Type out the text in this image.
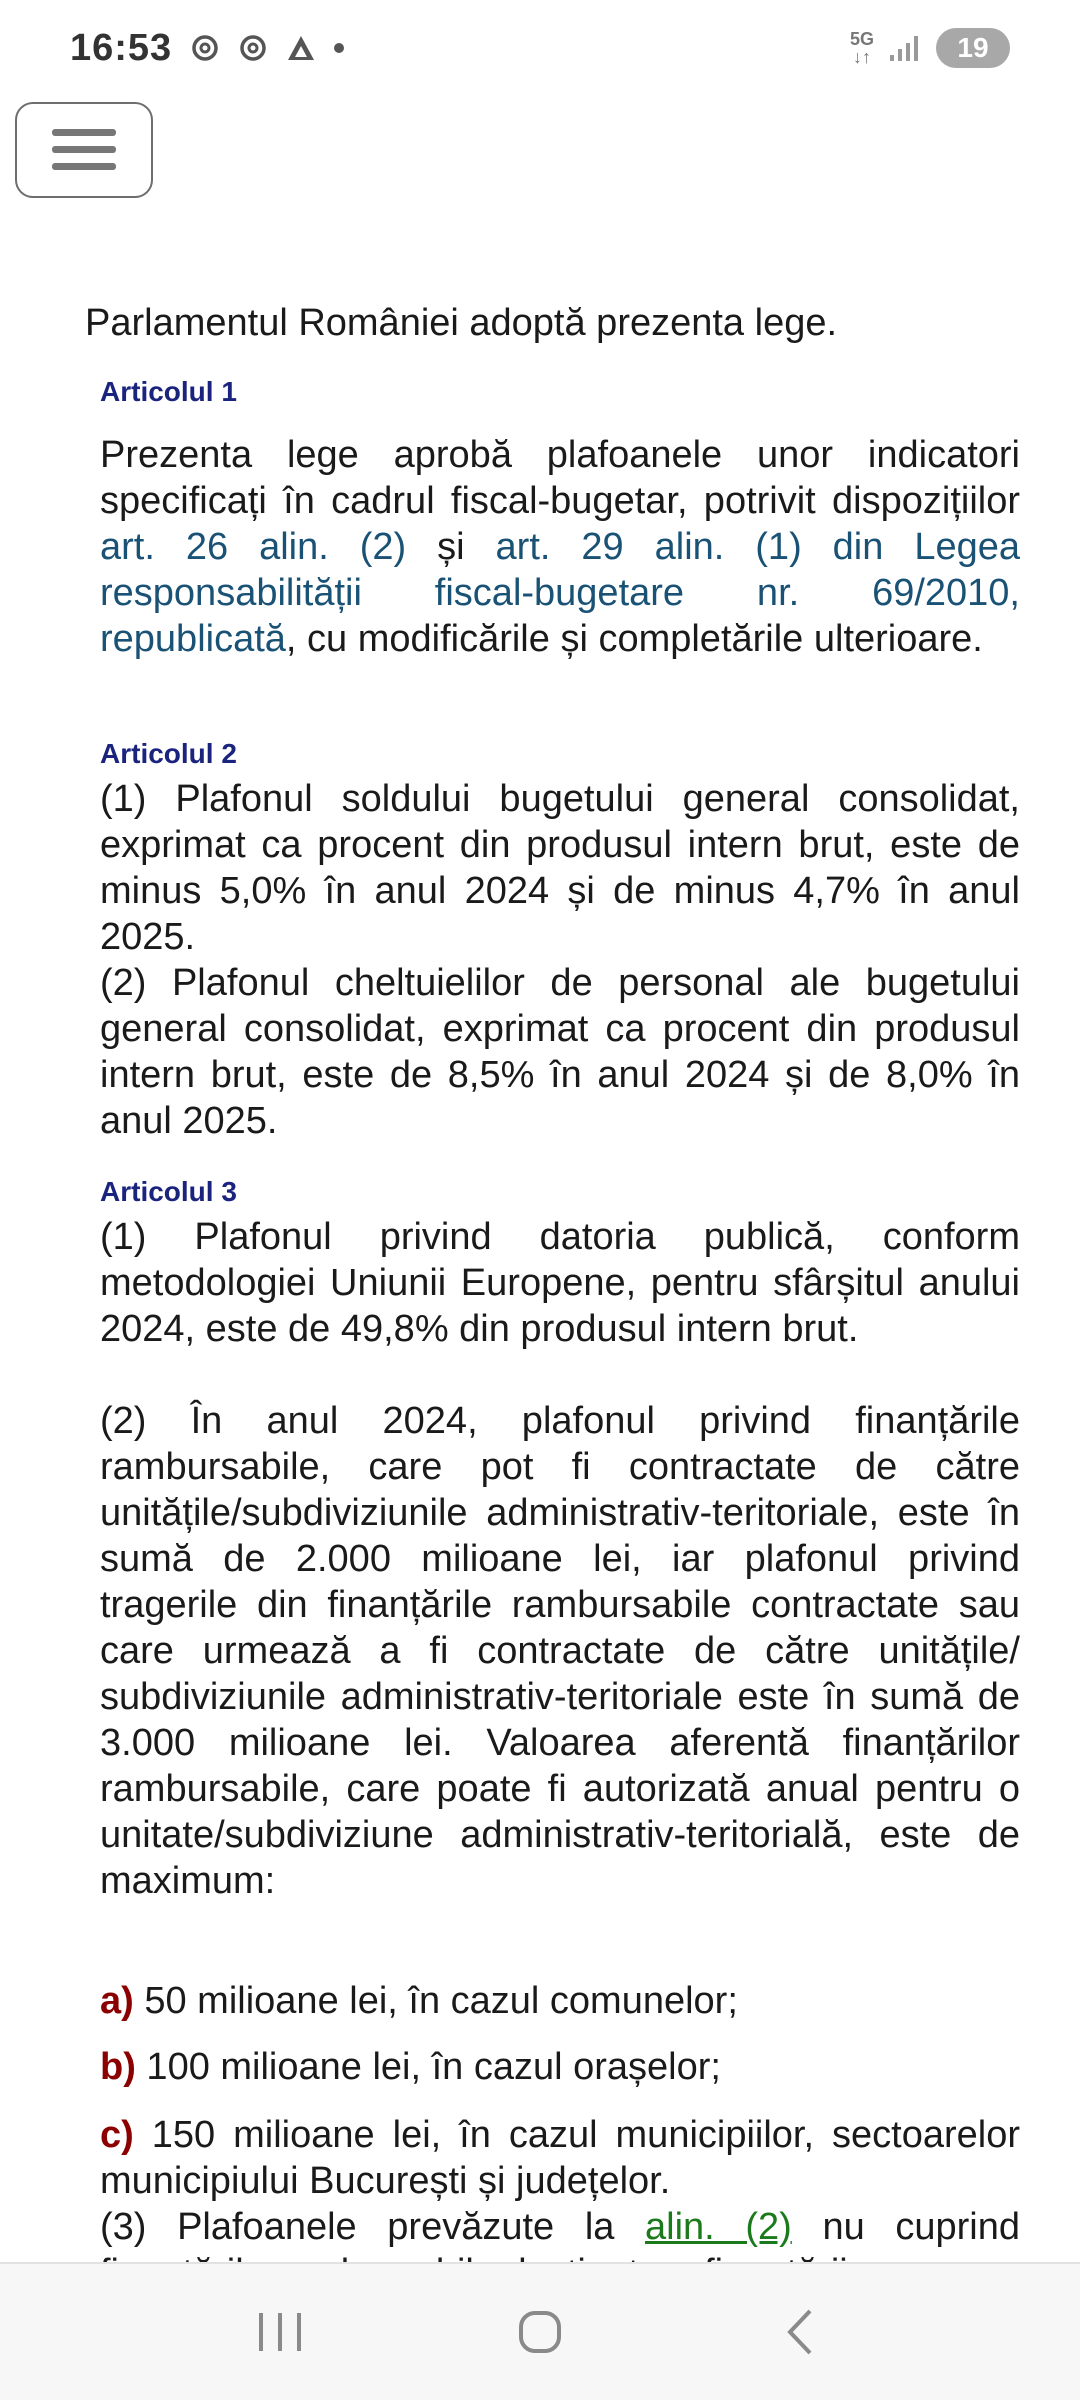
16:53	5G
↓↑	19
Parlamentul României adoptă prezenta lege.
Articolul 1
Prezenta lege aprobă plafoanele unor indicatori specificați în cadrul fiscal-bugetar, potrivit dispozițiilor art. 26 alin. (2) și art. 29 alin. (1) din Legea responsabilității fiscal-bugetare nr. 69/2010, republicată, cu modificările și completările ulterioare.
Articolul 2
(1) Plafonul soldului bugetului general consolidat, exprimat ca procent din produsul intern brut, este de minus 5,0% în anul 2024 și de minus 4,7% în anul 2025.
(2) Plafonul cheltuielilor de personal ale bugetului general consolidat, exprimat ca procent din produsul intern brut, este de 8,5% în anul 2024 și de 8,0% în anul 2025.
Articolul 3
(1) Plafonul privind datoria publică, conform metodologiei Uniunii Europene, pentru sfârșitul anului 2024, este de 49,8% din produsul intern brut.
(2) În anul 2024, plafonul privind finanțările rambursabile, care pot fi contractate de către unitățile/subdiviziunile administrativ-teritoriale, este în sumă de 2.000 milioane lei, iar plafonul privind tragerile din finanțările rambursabile contractate sau care urmează a fi contractate de către unitățile/ subdiviziunile administrativ-teritoriale este în sumă de 3.000 milioane lei. Valoarea aferentă finanțărilor rambursabile, care poate fi autorizată anual pentru o unitate/subdiviziune administrativ-teritorială, este de maximum:
a) 50 milioane lei, în cazul comunelor;
b) 100 milioane lei, în cazul orașelor;
c) 150 milioane lei, în cazul municipiilor, sectoarelor municipiului București și județelor.
(3) Plafoanele prevăzute la alin. (2) nu cuprind
